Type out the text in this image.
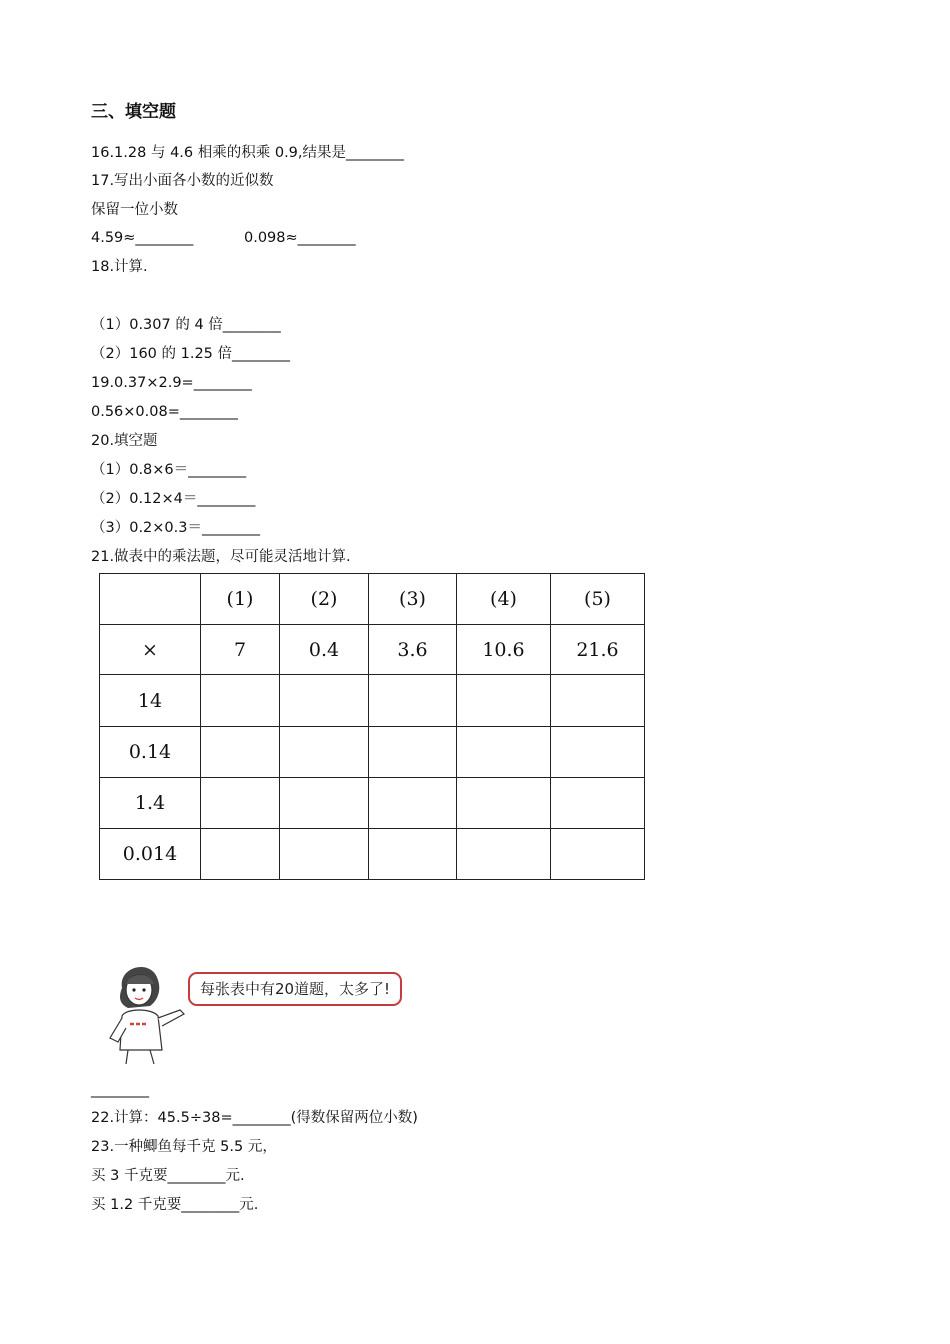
三、填空题
16.1.28 与 4.6 相乘的积乘 0.9,结果是________
17.写出小面各小数的近似数
保留一位小数
4.59≈________	0.098≈________
18.计算.
（1）0.307 的 4 倍________
（2）160 的 1.25 倍________
19.0.37×2.9=________
0.56×0.08=________
20.填空题
（1）0.8×6＝________
（2）0.12×4＝________
（3）0.2×0.3＝________
21.做表中的乘法题，尽可能灵活地计算.
	(1)	(2)	(3)	(4)	(5)
×	7	0.4	3.6	10.6	21.6
14					
0.14					
1.4					
0.014					
每张表中有20道题，太多了!
________
22.计算：45.5÷38=________(得数保留两位小数)
23.一种鲫鱼每千克 5.5 元，
买 3 千克要________元.
买 1.2 千克要________元.
